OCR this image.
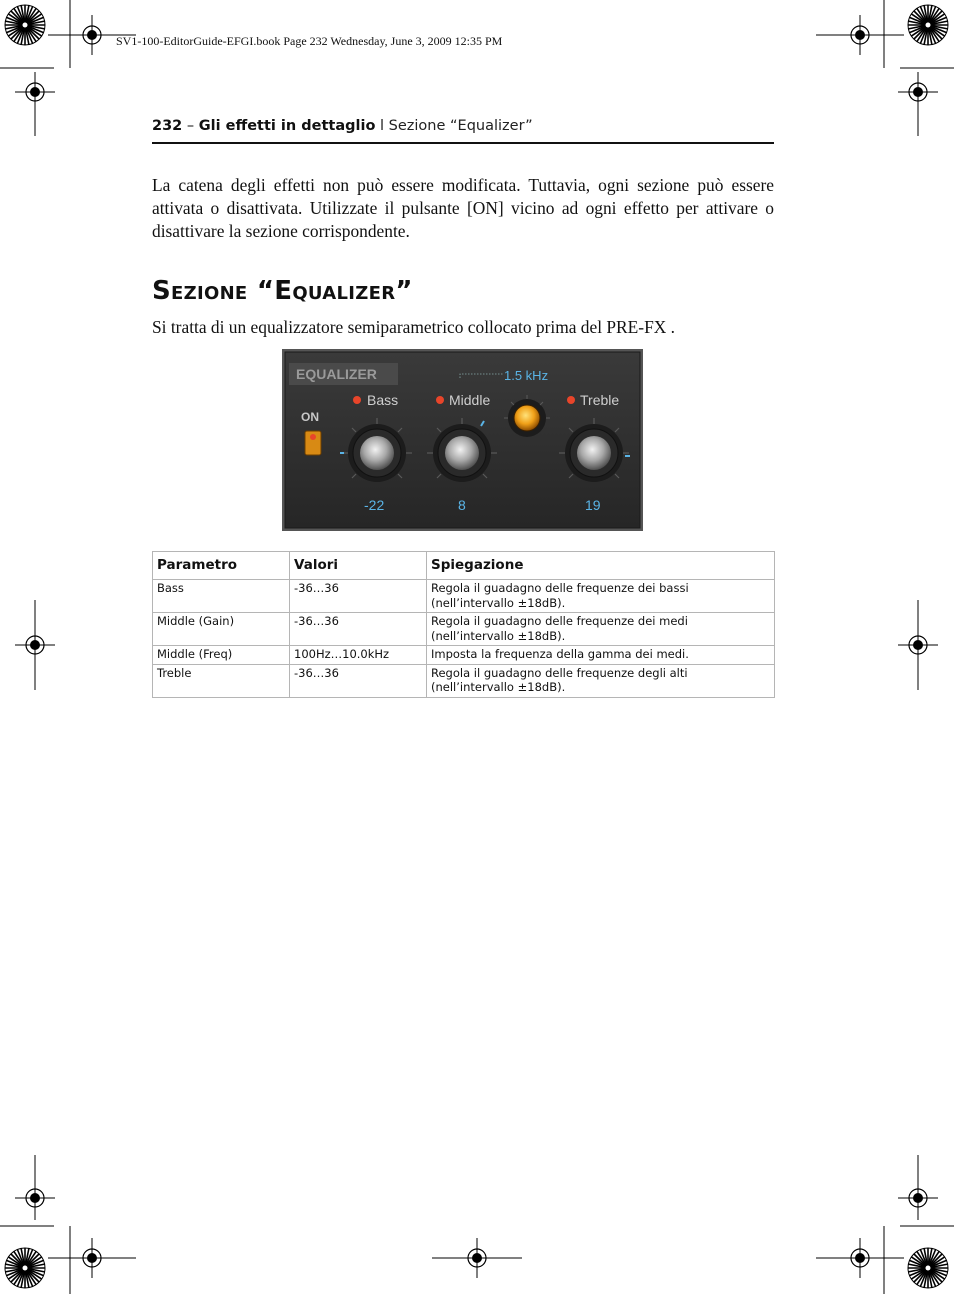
SV1-100-EditorGuide-EFGI.book Page 232 Wednesday, June 3, 2009 12:35 PM
232 – Gli effetti in dettaglio l Sezione “Equalizer”

La catena degli effetti non può essere modificata. Tuttavia, ogni sezione può essere attivata o disattivata. Utilizzate il pulsante [ON] vicino ad ogni effetto per attivare o disattivare la sezione corrispondente.

Sezione “Equalizer”

Si tratta di un equalizzatore semiparametrico collocato prima del PRE-FX .

EQUALIZER
ON
1.5 kHz
Bass
-22
Middle
8
Treble
19
Parametro	Valori	Spiegazione
Bass	-36…36	Regola il guadagno delle frequenze dei bassi (nell’intervallo ±18dB).
Middle (Gain)	-36…36	Regola il guadagno delle frequenze dei medi (nell’intervallo ±18dB).
Middle (Freq)	100Hz…10.0kHz	Imposta la frequenza della gamma dei medi.
Treble	-36…36	Regola il guadagno delle frequenze degli alti (nell’intervallo ±18dB).
